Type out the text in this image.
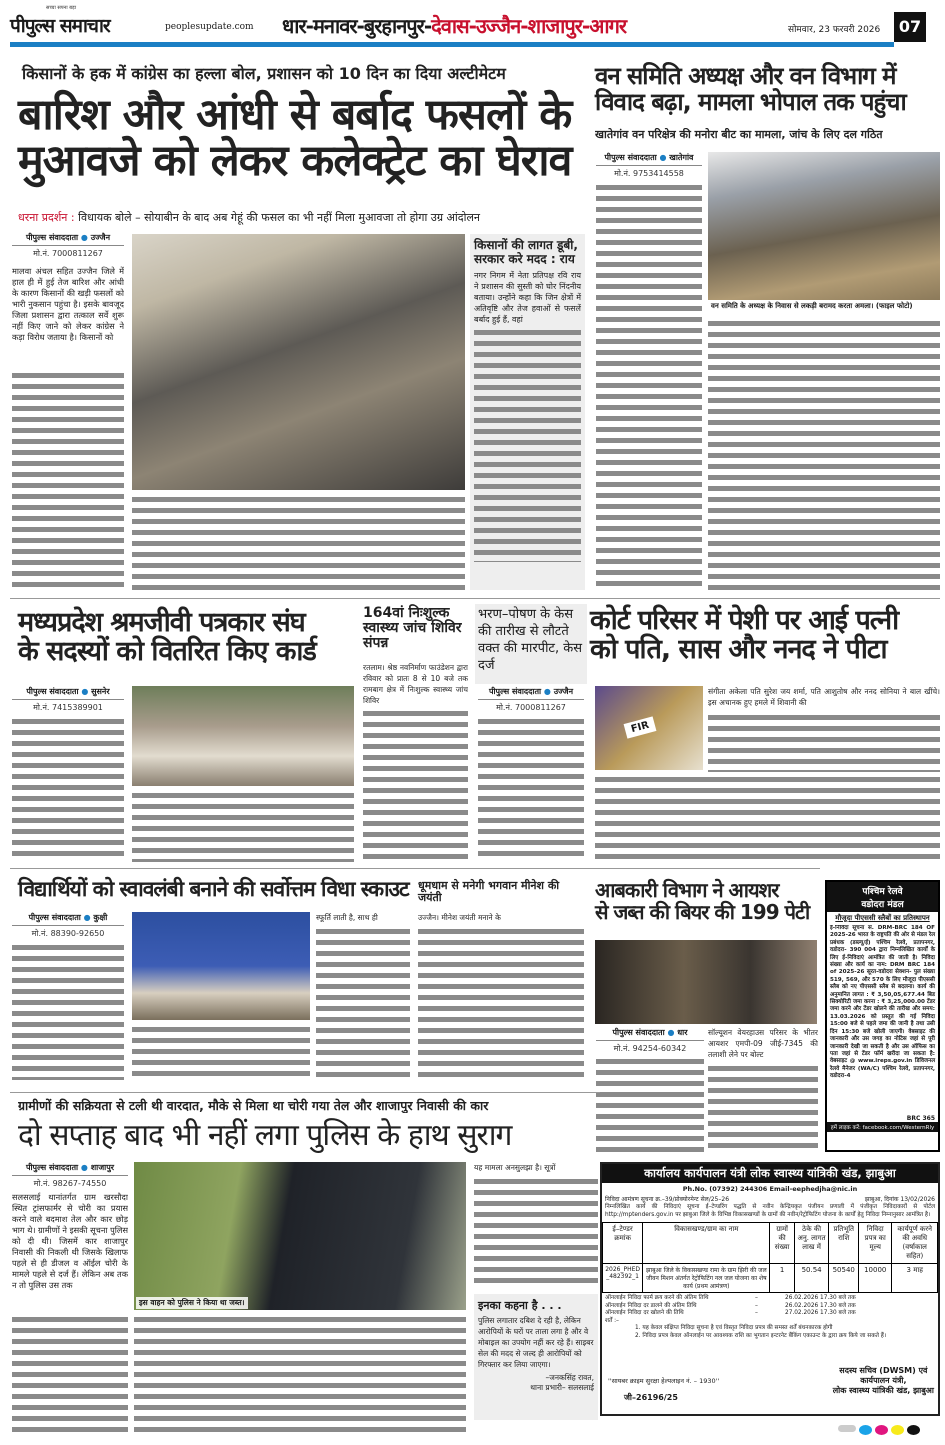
सच्चा सपना बड़ा
पीपुल्स समाचार	peoplesupdate.com धार-मनावर-बुरहानपुर-देवास-उज्जैन-शाजापुर-आगर	सोमवार, 23 फरवरी 2026	07
किसानों के हक में कांग्रेस का हल्ला बोल, प्रशासन को 10 दिन का दिया अल्टीमेटम
बारिश और आंधी से बर्बाद फसलों के
मुआवजे को लेकर कलेक्ट्रेट का घेराव
धरना प्रदर्शन : विधायक बोले – सोयाबीन के बाद अब गेहूं की फसल का भी नहीं मिला मुआवजा तो होगा उग्र आंदोलन
पीपुल्स संवाददाता ● उज्जैन
मो.नं. 7000811267
मालवा अंचल सहित उज्जैन जिले में हाल ही में हुई तेज बारिश और आंधी के कारण किसानों की खड़ी फसलों को भारी नुकसान पहुंचा है। इसके बावजूद जिला प्रशासन द्वारा तत्काल सर्वे शुरू नहीं किए जाने को लेकर कांग्रेस ने कड़ा विरोध जताया है। किसानों को
किसानों की लागत डूबी, सरकार करे मदद : राय
नगर निगम में नेता प्रतिपक्ष रवि राय ने प्रशासन की सुस्ती को घोर निंदनीय बताया। उन्होंने कहा कि जिन क्षेत्रों में अतिवृष्टि और तेज हवाओं से फसलें बर्बाद हुई हैं, वहां
वन समिति अध्यक्ष और वन विभाग में
विवाद बढ़ा, मामला भोपाल तक पहुंचा
खातेगांव वन परिक्षेत्र की मनोरा बीट का मामला, जांच के लिए दल गठित
पीपुल्स संवाददाता ● खातेगांव
मो.नं. 9753414558
वन समिति के अध्यक्ष के निवास से लकड़ी बरामद करता अमला। (फाइल फोटो)
मध्यप्रदेश श्रमजीवी पत्रकार संघ
के सदस्यों को वितरित किए कार्ड
पीपुल्स संवाददाता ● सुसनेर
मो.नं. 7415389901
164वां निःशुल्क स्वास्थ्य जांच शिविर संपन्न
रतलाम। श्रेष्ठ नवनिर्माण फाउंडेशन द्वारा रविवार को प्रातः 8 से 10 बजे तक रामबाग क्षेत्र में निःशुल्क स्वास्थ्य जांच शिविर
भरण–पोषण के केस की तारीख से लौटते वक्त की मारपीट, केस दर्ज
पीपुल्स संवाददाता ● उज्जैन
मो.नं. 7000811267
कोर्ट परिसर में पेशी पर आई पत्नी
को पति, सास और ननद ने पीटा
FIR
संगीता अकेला पति सुरेश जय शर्मा, पति आशुतोष और ननद सोनिया ने बाल खींचे। इस अचानक हुए हमले में शिवानी की
विद्यार्थियों को स्वावलंबी बनाने की सर्वोत्तम विधा स्काउट
पीपुल्स संवाददाता ● कुक्षी
मो.नं. 88390-92650
स्फूर्ति लाती है, साथ ही
धूमधाम से मनेगी भगवान मीनेश की जयंती
उज्जैन। मीनेश जयंती मनाने के
आबकारी विभाग ने आयशर
से जब्त की बियर की 199 पेटी
पीपुल्स संवाददाता ● धार
मो.नं. 94254-60342
सॉल्यूशन वेयरहाउस परिसर के भीतर आयशर एमपी-09 जीई-7345 की तलाशी लेने पर बोल्ट
पश्चिम रेलवे
वडोदरा मंडल
मौजूदा पीएससी स्लैबों का प्रतिस्थापन
ई-निविदा सूचना सं. DRM-BRC 184 OF 2025-26 भारत के राष्ट्रपति की ओर से मंडल रेल प्रबंधक (डब्ल्यू/ई) पश्चिम रेलवे, प्रतापनगर, वडोदरा- 390 004 द्वारा निम्नलिखित कार्यों के लिए ई-निविदाएं आमंत्रित की जाती है। निविदा संख्या और कार्य का नाम: DRM BRC 184 of 2025-26 सूरत-वडोदरा सेक्शन- पुल संख्या 519, 569, और 570 के लिए मौजूदा पीएससी स्लैब को नए पीएससी स्लैब से बदलना। कार्य की अनुमानित लागत : ₹ 3,50,05,677.44 बिड सिक्योरिटी जमा करना : ₹ 3,25,000.00 टेंडर जमा करने और टेंडर खोलने की तारीख और समय: 13.03.2026 को प्रस्तुत की गई निविदा 15:00 बजे से पहले जमा की जानी है तथा उसी दिन 15:30 बजे खोली जाएगी। वेबसाइट की जानकारी और उस जगह का नोटिस जहां से पूरी जानकारी देखी जा सकती है और उस ऑफिस का पता जहां से टेंडर फॉर्म खरीदा जा सकता है: वेबसाइट @ www.ireps.gov.in डिविजनल रेलवे मैनेजर (WA/C) पश्चिम रेलवे, प्रतापनगर, वडोदरा-4
BRC 365
हमें लाइक करें: facebook.com/WesternRly
ग्रामीणों की सक्रियता से टली थी वारदात, मौके से मिला था चोरी गया तेल और शाजापुर निवासी की कार
दो सप्ताह बाद भी नहीं लगा पुलिस के हाथ सुराग
पीपुल्स संवाददाता ● शाजापुर
मो.नं. 98267-74550
सलसलाई थानांतर्गत ग्राम खरसौदा स्थित ट्रांसफार्मर से चोरी का प्रयास करने वाले बदमाश तेल और कार छोड़ भाग थे। ग्रामीणों ने इसकी सूचना पुलिस को दी थी। जिसमें कार शाजापुर निवासी की निकली थी जिसके खिलाफ पहले से ही डीजल व ऑईल चोरी के मामले पहले से दर्ज हैं। लेकिन अब तक न तो पुलिस उस तक
इस वाहन को पुलिस ने किया था जब्त।
यह मामला अनसुलझा है। सूत्रों
इनका कहना है . . .
पुलिस लगातार दबिश दे रही है, लेकिन आरोपियों के घरों पर ताला लगा है और वे मोबाइल का उपयोग नहीं कर रहे हैं। साइबर सेल की मदद से जल्द ही आरोपियों को गिरफ्तार कर लिया जाएगा।
–जनकसिंह रावत,
थाना प्रभारी– सलसलाई
कार्यालय कार्यपालन यंत्री लोक स्वास्थ्य यांत्रिकी खंड, झाबुआ
Ph.No. (07392) 244306 Email-eephedjha@nic.in
निविदा आमंत्रण सूचना क्र.–39/प्रोक्योरमेन्ट सेल/25–26	झाबुआ, दिनांक 13/02/2026
निम्नलिखित कार्य की निविदाएं सूचना ई–टेण्डरिंग पद्धति से नवीन केन्द्रियकृत पंजीयन प्रणाली में पंजीकृत निविदाकारों से पोर्टल http://mptenders.gov.in पर झाबुआ जिले के विभिन्न विकासखण्डों के ग्रामों की नवीन/रेट्रोफिटिंग योजना के कार्यों हेतु निविदा निम्नानुसार आमंत्रित है।
ई–टेण्डर क्रमांक	विकासखण्ड/ग्राम का नाम	ग्रामों की संख्या	ठेके की अनु. लागत लाख में	प्रतिभूति राशि	निविदा प्रपत्र का मूल्य	कार्यपूर्ण करने की अवधि (वर्षाकाल सहित)
2026_PHED_482392_1	झाबुआ जिले के विकासखण्ड रामा के ग्राम झिरी की जल जीवन मिशन अंतर्गत रेट्रोफिटिंग नल जल योजना का शेष कार्य (प्रथम आमंत्रण)	1	50.54	50540	10000	3 माह
ऑनलाईन निविदा फार्म क्रय करने की अंतिम तिथि	–	26.02.2026 17.30 बजे तक
ऑनलाईन निविदा दर डालने की अंतिम तिथि	–	26.02.2026 17.30 बजे तक
ऑनलाईन निविदा दर खोलने की तिथि	–	27.02.2026 17.30 बजे तक
शर्तें :–
1. यह केवल संक्षिप्त निविदा सूचना है एवं विस्तृत निविदा प्रपत्र की समस्त शर्तें बंधनकारक होगी
2. निविदा प्रपत्र केवल ऑनलाईन पर आवश्यक राशि का भुगतान इन्टरनेट बैंकिंग एकाउन्ट के द्वारा क्रय किये जा सकते हैं।
''सायबर क्राइम सुरक्षा हेल्पलाइन नं. – 1930''
जी–26196/25
सदस्य सचिव (DWSM) एवं
कार्यपालन यंत्री,
लोक स्वास्थ्य यांत्रिकी खंड, झाबुआ
